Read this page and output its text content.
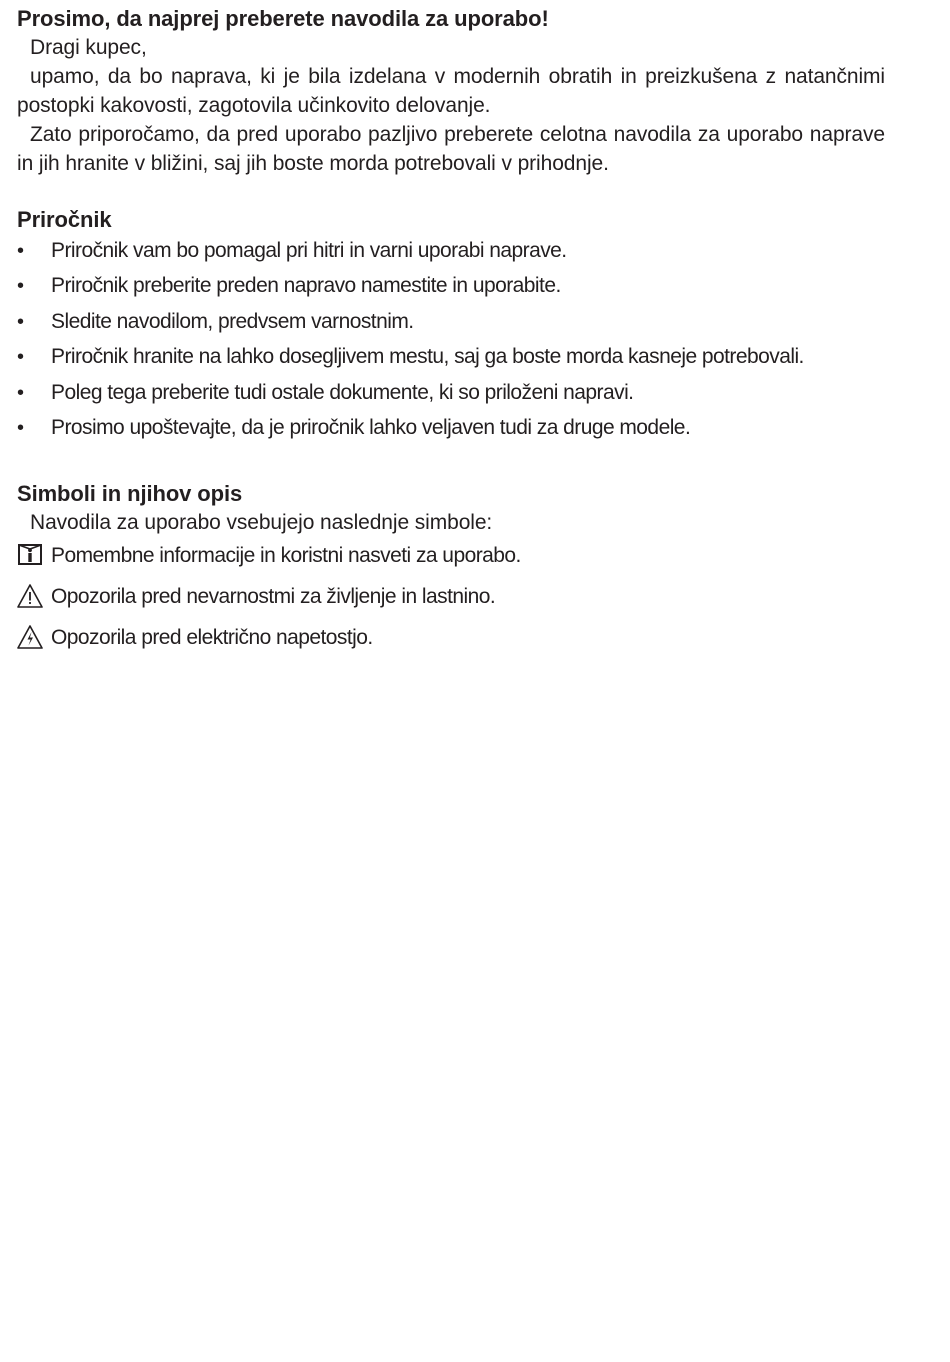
Prosimo, da najprej preberete navodila za uporabo!

Dragi kupec,

upamo, da bo naprava, ki je bila izdelana v modernih obratih in preizkušena z natančnimi postopki kakovosti, zagotovila učinkovito delovanje.

Zato priporočamo, da pred uporabo pazljivo preberete celotna navodila za uporabo naprave in jih hranite v bližini, saj jih boste morda potrebovali v prihodnje.

Priročnik

• Priročnik vam bo pomagal pri hitri in varni uporabi naprave.
• Priročnik preberite preden napravo namestite in uporabite.
• Sledite navodilom, predvsem varnostnim.
• Priročnik hranite na lahko dosegljivem mestu, saj ga boste morda kasneje potrebovali.
• Poleg tega preberite tudi ostale dokumente, ki so priloženi napravi.
• Prosimo upoštevajte, da je priročnik lahko veljaven tudi za druge modele.

Simboli in njihov opis

Navodila za uporabo vsebujejo naslednje simbole:

Pomembne informacije in koristni nasveti za uporabo.
Opozorila pred nevarnostmi za življenje in lastnino.
Opozorila pred električno napetostjo.
